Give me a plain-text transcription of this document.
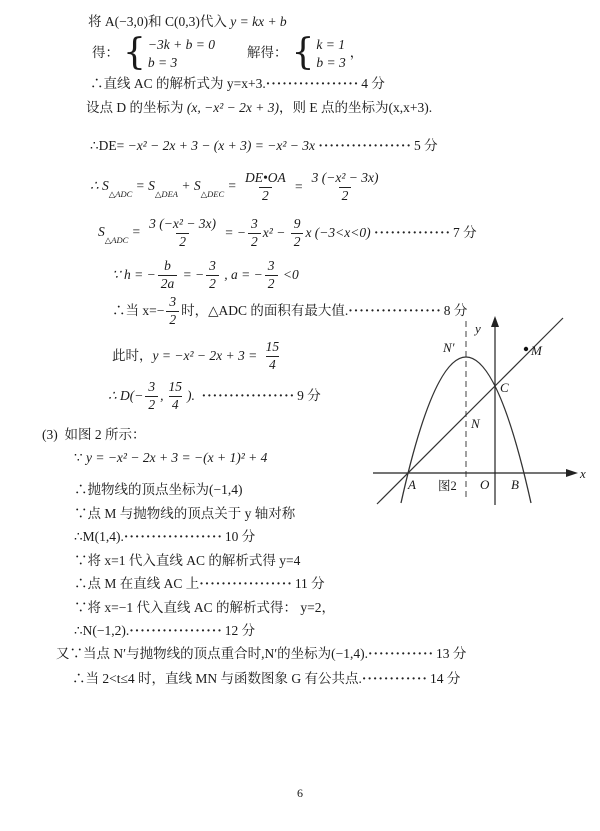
将 A(−3,0)和 C(0,3)代入 y = kx + b
得： { −3k + b = 0
b = 3
解得： { k = 1
b = 3
，
∴直线 AC 的解析式为 y=x+3. ················· 4 分
设点 D 的坐标为 (x, −x² − 2x + 3) ，则 E 点的坐标为(x,x+3).
∴DE= −x² − 2x + 3 − (x + 3) = −x² − 3x ················· 5 分
∴ $S_{\triangle ADC} = S_{\triangle DEA} + S_{\triangle DEC} = \frac{DE•OA}{2} = \frac{\text{3 (−x² − 3x)}}{2}$
$S_{\triangle ADC} = \frac{\text{3 (−x² − 3x)}}{2}$ = − $\frac{3}{2} x^2 - \frac{9}{2}$ x (−3<x<0) ·············· 7 分
∵ h = − $\frac{b}{2a}$ = − $\frac{3}{2}$ , a = − $\frac{3}{2} <0$
∴当 $x=- \frac{3}{2}$ 时，△ADC 的面积有最大值. ················· 8 分
此时， $y = -x^2 - 2x + 3 = \frac{15}{4}$
∴ $D(- \frac{3}{2}$ , $\frac{15}{4}$ ). ················· 9 分
(3)  如图 2 所示：
∵ y = −x² − 2x + 3 = −(x + 1)² + 4
∴抛物线的顶点坐标为(−1,4)
∵点 M 与抛物线的顶点关于 y 轴对称
∴M(1,4). ·················· 10 分
∵将 x=1 代入直线 AC 的解析式得 y=4
∴点 M 在直线 AC 上 ················· 11 分
∵将 x=−1 代入直线 AC 的解析式得： y=2，
∴N(−1,2). ················· 12 分
又∵当点 N′与抛物线的顶点重合时,N′的坐标为(−1,4). ············ 13 分
∴当 2<t≤4 时，直线 MN 与函数图象 G 有公共点. ············ 14 分
y
x
N′	M
C
N
A	O B
图2
6
